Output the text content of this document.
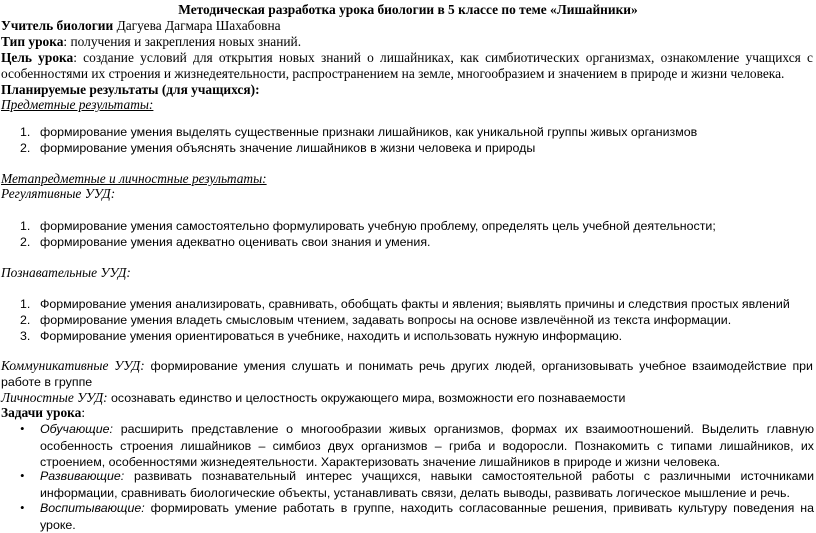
Методическая разработка урока биологии в 5 классе по теме «Лишайники»
Учитель биологии Дагуева Дагмара Шахабовна
Тип урока: получения и закрепления новых знаний.
Цель урока: создание условий для открытия новых знаний о лишайниках, как симбиотических организмах, ознакомление учащихся с особенностями их строения и жизнедеятельности, распространением на земле, многообразием и значением в природе и жизни человека.
Планируемые результаты (для учащихся):
Предметные результаты:
1. формирование умения выделять существенные признаки лишайников, как уникальной группы живых организмов
2. формирование умения объяснять значение лишайников в жизни человека и природы
Метапредметные и личностные результаты:
Регулятивные УУД:
1. формирование умения самостоятельно формулировать учебную проблему, определять цель учебной деятельности;
2. формирование умения адекватно оценивать свои знания и умения.
Познавательные УУД:
1. Формирование умения анализировать, сравнивать, обобщать факты и явления; выявлять причины и следствия простых явлений
2. формирование умения владеть смысловым чтением, задавать вопросы на основе извлечённой из текста информации.
3. Формирование умения ориентироваться в учебнике, находить и использовать нужную информацию.
Коммуникативные УУД: формирование умения слушать и понимать речь других людей, организовывать учебное взаимодействие при работе в группе
Личностные УУД: осознавать единство и целостность окружающего мира, возможности его познаваемости
Задачи урока:
• Обучающие: расширить представление о многообразии живых организмов, формах их взаимоотношений. Выделить главную особенность строения лишайников – симбиоз двух организмов – гриба и водоросли. Познакомить с типами лишайников, их строением, особенностями жизнедеятельности. Характеризовать значение лишайников в природе и жизни человека.
• Развивающие: развивать познавательный интерес учащихся, навыки самостоятельной работы с различными источниками информации, сравнивать биологические объекты, устанавливать связи, делать выводы, развивать логическое мышление и речь.
• Воспитывающие: формировать умение работать в группе, находить согласованные решения, прививать культуру поведения на уроке.
